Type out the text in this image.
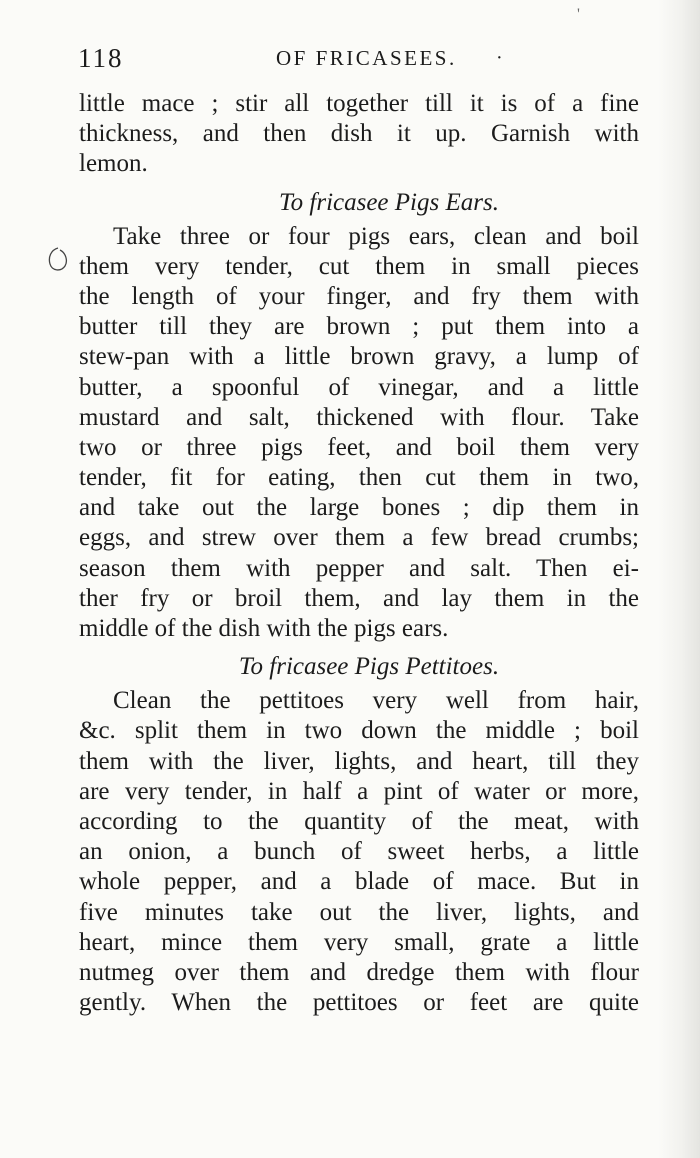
'
118	OF FRICASEES. ·
little mace ; stir all together till it is of a fine
thickness, and then dish it up. Garnish with
lemon.
To fricasee Pigs Ears.
Take three or four pigs ears, clean and boil
them very tender, cut them in small pieces
the length of your finger, and fry them with
butter till they are brown ; put them into a
stew-pan with a little brown gravy, a lump of
butter, a spoonful of vinegar, and a little
mustard and salt, thickened with flour. Take
two or three pigs feet, and boil them very
tender, fit for eating, then cut them in two,
and take out the large bones ; dip them in
eggs, and strew over them a few bread crumbs;
season them with pepper and salt. Then ei-
ther fry or broil them, and lay them in the
middle of the dish with the pigs ears.
To fricasee Pigs Pettitoes.
Clean the pettitoes very well from hair,
&c. split them in two down the middle ; boil
them with the liver, lights, and heart, till they
are very tender, in half a pint of water or more,
according to the quantity of the meat, with
an onion, a bunch of sweet herbs, a little
whole pepper, and a blade of mace. But in
five minutes take out the liver, lights, and
heart, mince them very small, grate a little
nutmeg over them and dredge them with flour
gently. When the pettitoes or feet are quite
